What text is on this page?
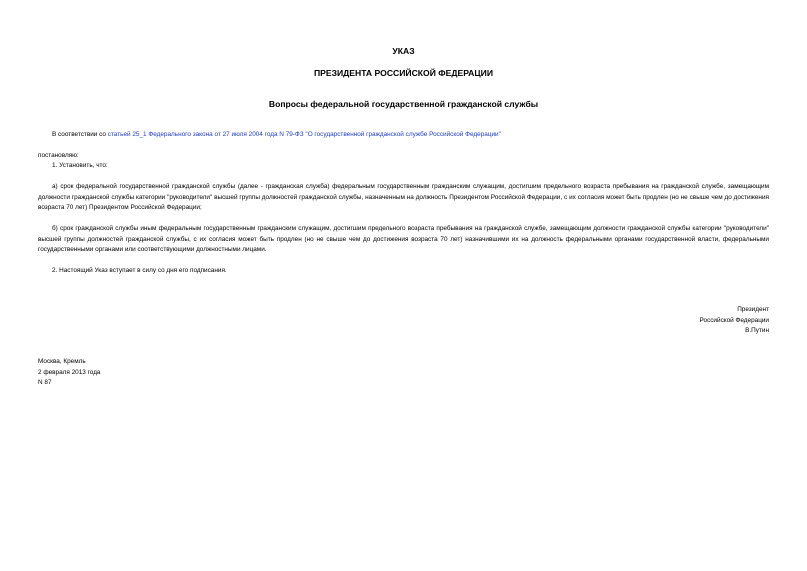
УКАЗ
ПРЕЗИДЕНТА РОССИЙСКОЙ ФЕДЕРАЦИИ
Вопросы федеральной государственной гражданской службы

В соответствии со статьей 25_1 Федерального закона от 27 июля 2004 года N 79-ФЗ "О государственной гражданской службе Российской Федерации"

постановляю:

1. Установить, что:

а) срок федеральной государственной гражданской службы (далее - гражданская служба) федеральным государственным гражданским служащим, достигшим предельного возраста пребывания на гражданской службе, замещающим должности гражданской службы категории "руководители" высшей группы должностей гражданской службы, назначенным на должность Президентом Российской Федерации, с их согласия может быть продлен (но не свыше чем до достижения возраста 70 лет) Президентом Российской Федерации;

б) срок гражданской службы иным федеральным государственным гражданским служащим, достигшим предельного возраста пребывания на гражданской службе, замещающим должности гражданской службы категории "руководители" высшей группы должностей гражданской службы, с их согласия может быть продлен (но не свыше чем до достижения возраста 70 лет) назначившими их на должность федеральными органами государственной власти, федеральными государственными органами или соответствующими должностными лицами.

2. Настоящий Указ вступает в силу со дня его подписания.

Президент
Российской Федерации
В.Путин
Москва, Кремль
2 февраля 2013 года
N 87
